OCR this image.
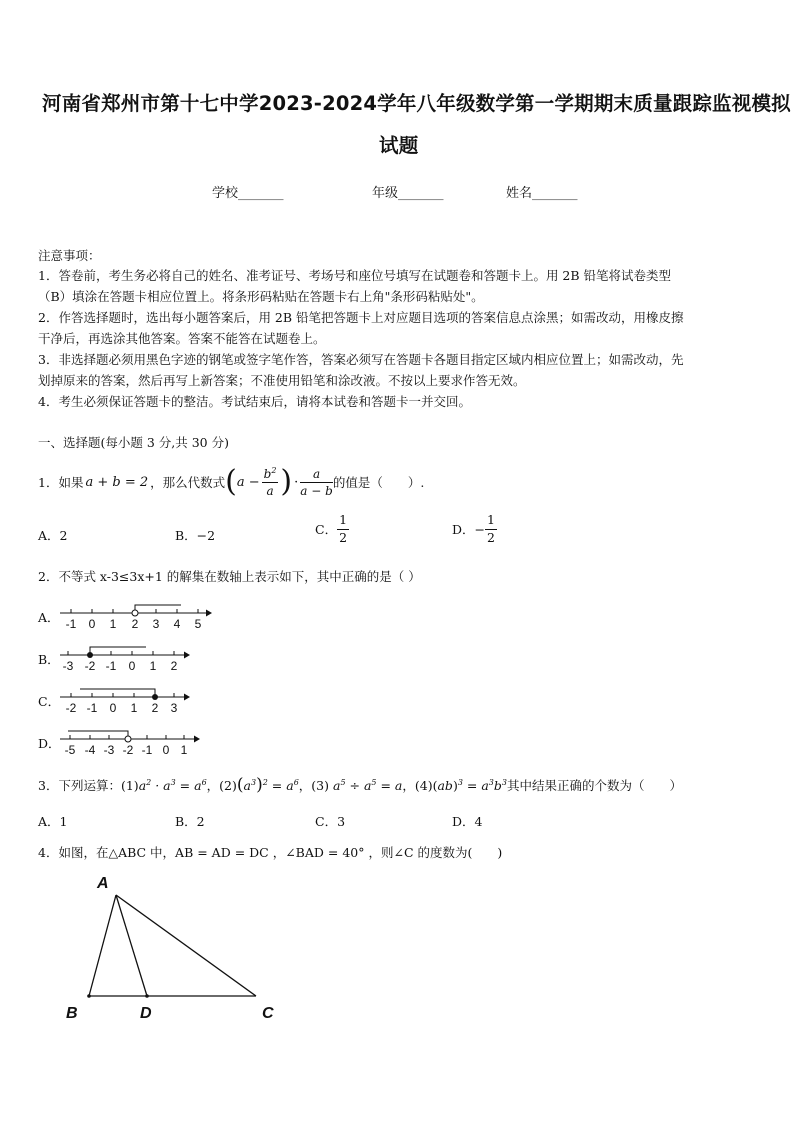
河南省郑州市第十七中学2023-2024学年八年级数学第一学期期末质量跟踪监视模拟
试题
学校_______	年级_______	姓名_______
注意事项：
1．答卷前，考生务必将自己的姓名、准考证号、考场号和座位号填写在试题卷和答题卡上。用 2B 铅笔将试卷类型
（B）填涂在答题卡相应位置上。将条形码粘贴在答题卡右上角"条形码粘贴处"。
2．作答选择题时，选出每小题答案后，用 2B 铅笔把答题卡上对应题目选项的答案信息点涂黑；如需改动，用橡皮擦
干净后，再选涂其他答案。答案不能答在试题卷上。
3．非选择题必须用黑色字迹的钢笔或签字笔作答，答案必须写在答题卡各题目指定区域内相应位置上；如需改动，先
划掉原来的答案，然后再写上新答案；不准使用铅笔和涂改液。不按以上要求作答无效。
4．考生必须保证答题卡的整洁。考试结束后，请将本试卷和答题卡一并交回。
一、选择题(每小题 3 分,共 30 分)
1．如果 a + b = 2 ，那么代数式 ( $a - \frac{b^2}{a}$ ) · $\frac{a}{a - b}$ 的值是（　　）.
A．2	B．−2	C． $\frac{1}{2}$	D．− $\frac{1}{2}$
2．不等式 x-3≤3x+1 的解集在数轴上表示如下，其中正确的是（ ）
A． -1 0 1 2 3 4 5
B． -3 -2 -1 0 1 2
C． -2 -1 0 1 2 3
D． -5 -4 -3 -2 -1 0 1
3．下列运算： $(1)a^2 \cdot a^3 = a^6$，$(2)(a^3)^2 = a^6$，(3) $a^5 \div a^5 = a$，$(4)(ab)^3 = a^3b^3$ 其中结果正确的个数为（　　）
A．1	B．2	C．3	D．4
4．如图，在△ABC 中，AB = AD = DC ，∠BAD = 40° ，则∠C 的度数为(　　)
A
B	D	C
